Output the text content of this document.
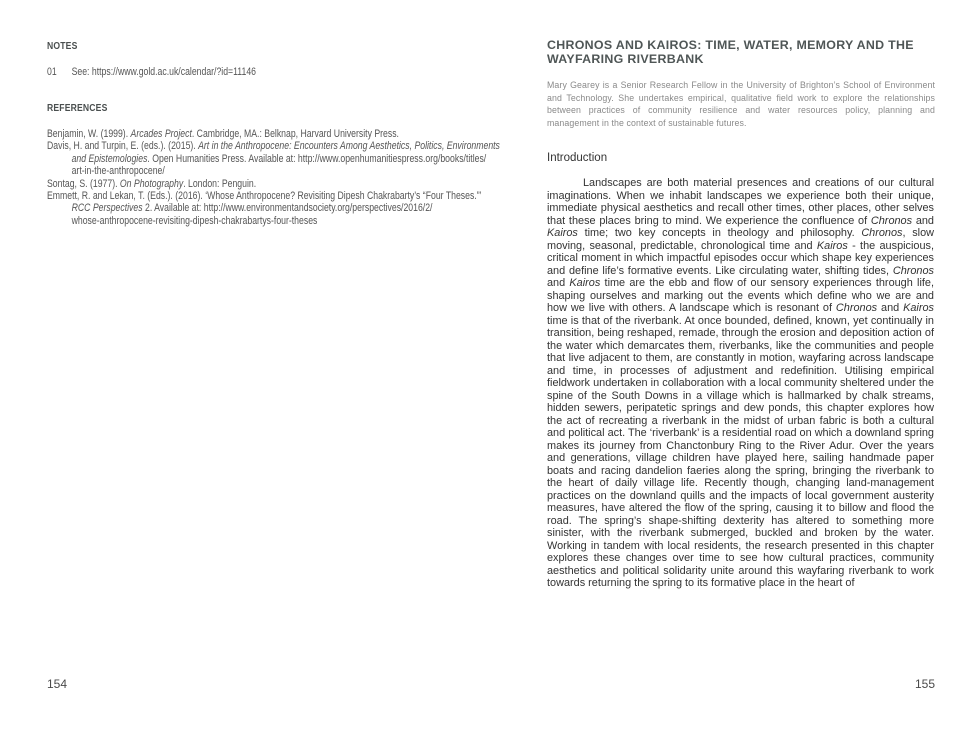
NOTES
01 See: https://www.gold.ac.uk/calendar/?id=11146
REFERENCES
Benjamin, W. (1999). Arcades Project. Cambridge, MA.: Belknap, Harvard University Press.
Davis, H. and Turpin, E. (eds.). (2015). Art in the Anthropocene: Encounters Among Aesthetics, Politics, Environments
and Epistemologies. Open Humanities Press. Available at: http://www.openhumanitiespress.org/books/titles/
art-in-the-anthropocene/
Sontag, S. (1977). On Photography. London: Penguin.
Emmett, R. and Lekan, T. (Eds.). (2016). ‘Whose Anthropocene? Revisiting Dipesh Chakrabarty’s “Four Theses.”’
RCC Perspectives 2. Available at: http://www.environmentandsociety.org/perspectives/2016/2/
whose-anthropocene-revisiting-dipesh-chakrabartys-four-theses
154
CHRONOS AND KAIROS: TIME, WATER, MEMORY AND THE
WAYFARING RIVERBANK
Mary Gearey is a Senior Research Fellow in the University of Brighton’s School of Environment and Technology. She undertakes empirical, qualitative field work to explore the relationships between practices of community resilience and water resources policy, planning and management in the context of sustainable futures.
Introduction
Landscapes are both material presences and creations of our cultural imaginations. When we inhabit landscapes we experience both their unique, immediate physical aesthetics and recall other times, other places, other selves that these places bring to mind. We experience the confluence of Chronos and Kairos time; two key concepts in theology and philosophy. Chronos, slow moving, seasonal, predictable, chronological time and Kairos - the auspicious, critical moment in which impactful episodes occur which shape key experiences and define life’s formative events. Like circulating water, shifting tides, Chronos and Kairos time are the ebb and flow of our sensory experiences through life, shaping ourselves and marking out the events which define who we are and how we live with others. A landscape which is resonant of Chronos and Kairos time is that of the riverbank. At once bounded, defined, known, yet continually in transition, being reshaped, remade, through the erosion and deposition action of the water which demarcates them, riverbanks, like the communities and people that live adjacent to them, are constantly in motion, wayfaring across landscape and time, in processes of adjustment and redefinition. Utilising empirical fieldwork undertaken in collaboration with a local community sheltered under the spine of the South Downs in a village which is hallmarked by chalk streams, hidden sewers, peripatetic springs and dew ponds, this chapter explores how the act of recreating a riverbank in the midst of urban fabric is both a cultural and political act. The ‘riverbank’ is a residential road on which a downland spring makes its journey from Chanctonbury Ring to the River Adur. Over the years and generations, village children have played here, sailing handmade paper boats and racing dandelion faeries along the spring, bringing the riverbank to the heart of daily village life. Recently though, changing land-management practices on the downland quills and the impacts of local government austerity measures, have altered the flow of the spring, causing it to billow and flood the road. The spring’s shape-shifting dexterity has altered to something more sinister, with the riverbank submerged, buckled and broken by the water. Working in tandem with local residents, the research presented in this chapter explores these changes over time to see how cultural practices, community aesthetics and political solidarity unite around this wayfaring riverbank to work towards returning the spring to its formative place in the heart of
155
